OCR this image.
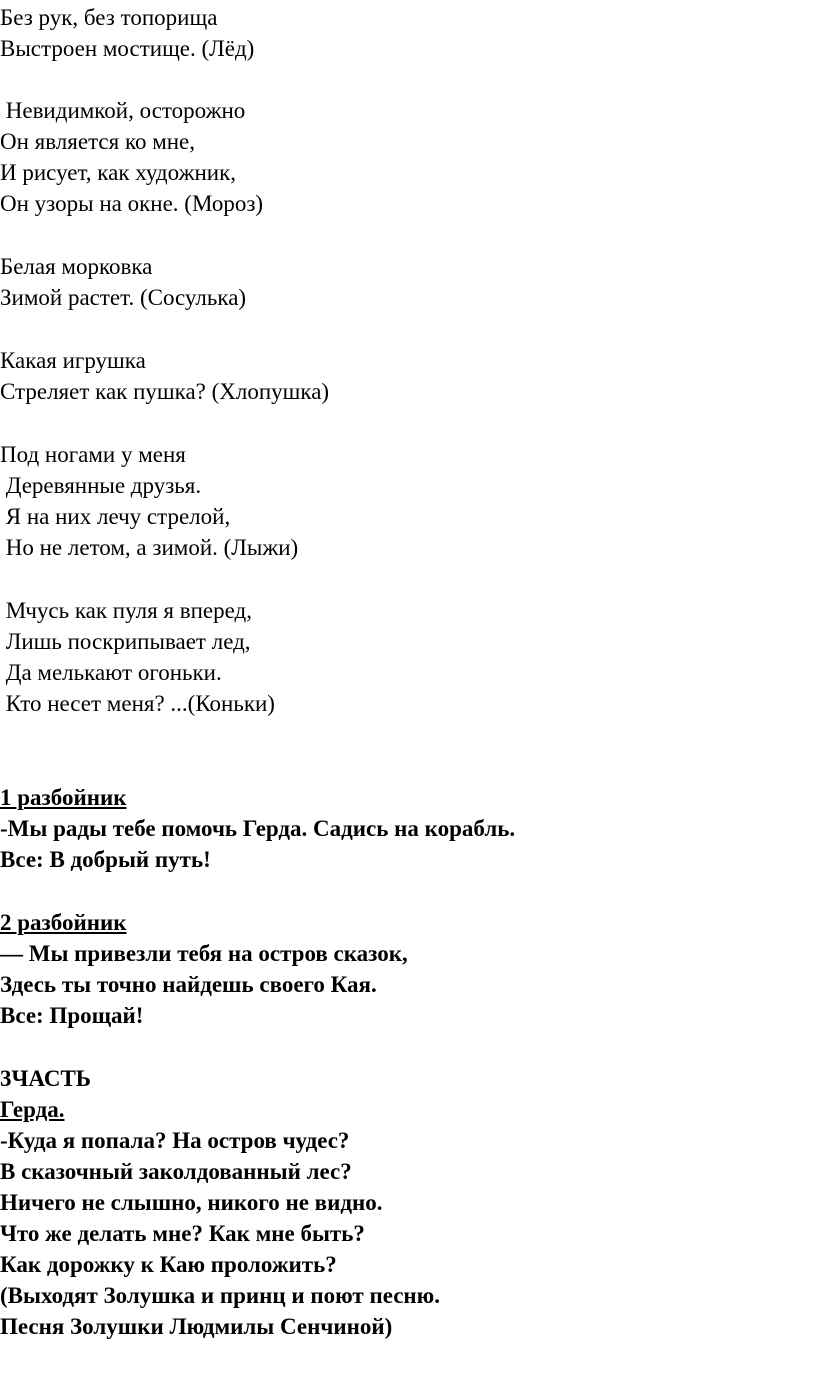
Без рук, без топорища
Выстроен мостище. (Лёд)
Невидимкой, осторожно
Он является ко мне,
И рисует, как художник,
Он узоры на окне. (Мороз)
Белая морковка
Зимой растет. (Сосулька)
Какая игрушка
Стреляет как пушка? (Хлопушка)
Под ногами у меня
Деревянные друзья.
Я на них лечу стрелой,
Но не летом, а зимой. (Лыжи)
Мчусь как пуля я вперед,
Лишь поскрипывает лед,
Да мелькают огоньки.
Кто несет меня? ...(Коньки)
1 разбойник
-Мы рады тебе помочь Герда. Садись на корабль.
Все: В добрый путь!
2 разбойник
— Мы привезли тебя на остров сказок,
Здесь ты точно найдешь своего Кая.
Все: Прощай!
3ЧАСТЬ
Герда.
-Куда я попала? На остров чудес?
В сказочный заколдованный лес?
Ничего не слышно, никого не видно.
Что же делать мне? Как мне быть?
Как дорожку к Каю проложить?
(Выходят Золушка и принц и поют песню.
Песня Золушки Людмилы Сенчиной)
